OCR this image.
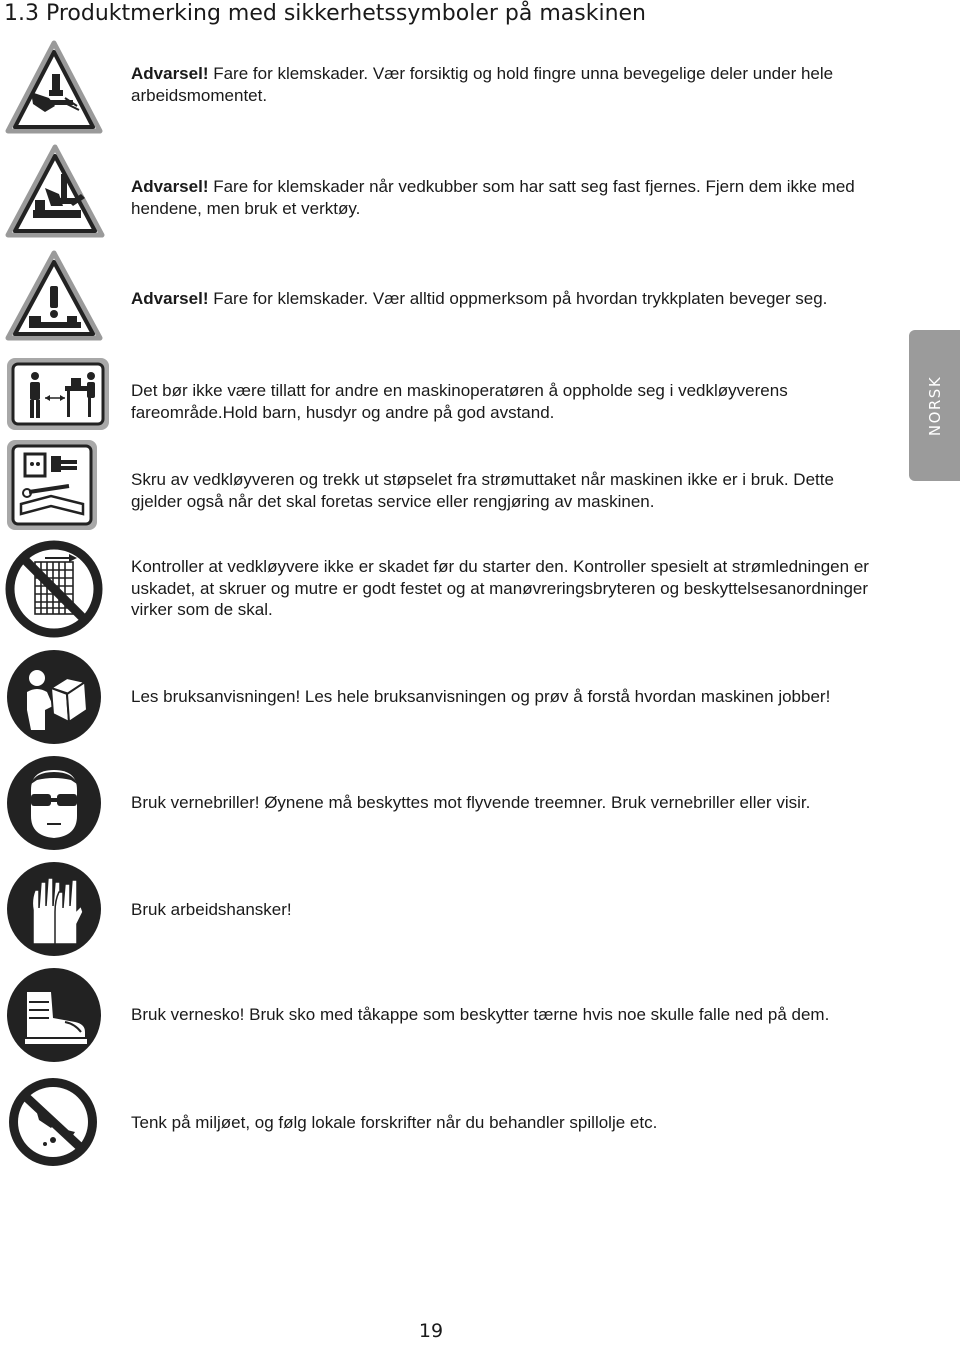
1.3 Produktmerking med sikkerhetssymboler på maskinen

Advarsel! Fare for klemskader. Vær forsiktig og hold fingre unna bevegelige deler under hele arbeidsmomentet.

Advarsel! Fare for klemskader når vedkubber som har satt seg fast fjernes. Fjern dem ikke med hendene, men bruk et verktøy.

Advarsel! Fare for klemskader. Vær alltid oppmerksom på hvordan trykkplaten beveger seg.

Det bør ikke være tillatt for andre en maskinoperatøren å oppholde seg i vedkløyverens fareområde.Hold barn, husdyr og andre på god avstand.

Skru av vedkløyveren og trekk ut støpselet fra strømuttaket når maskinen ikke er i bruk. Dette gjelder også når det skal foretas service eller rengjøring av maskinen.

Kontroller at vedkløyvere ikke er skadet før du starter den. Kontroller spesielt at strømledningen er uskadet, at skruer og mutre er godt festet og at manøvreringsbryteren og beskyttelsesanordninger virker som de skal.

Les bruksanvisningen! Les hele bruksanvisningen og prøv å forstå hvordan maskinen jobber!

Bruk vernebriller! Øynene må beskyttes mot flyvende treemner. Bruk vernebriller eller visir.

Bruk arbeidshansker!

Bruk vernesko! Bruk sko med tåkappe som beskytter tærne hvis noe skulle falle ned på dem.

Tenk på miljøet, og følg lokale forskrifter når du behandler spillolje etc.

NORSK
19
